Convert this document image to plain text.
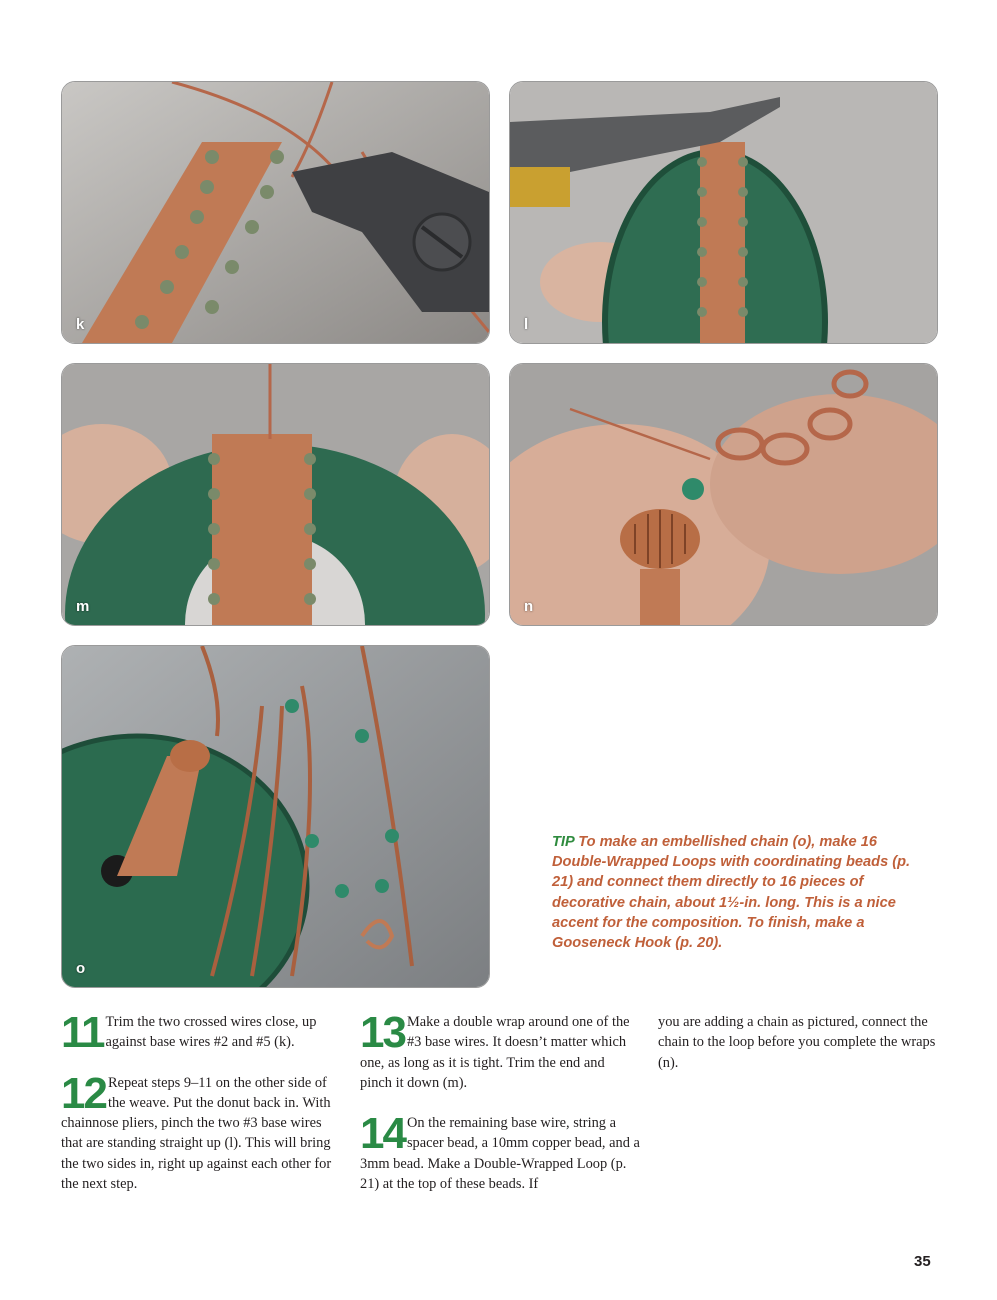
k	l
m	n
o
TIP To make an embellished chain (o), make 16 Double-Wrapped Loops with coordinating beads (p. 21) and connect them directly to 16 pieces of decorative chain, about 1½-in. long. This is a nice accent for the composition. To finish, make a Gooseneck Hook (p. 20).
11 Trim the two crossed wires close, up against base wires #2 and #5 (k).
12 Repeat steps 9–11 on the other side of the weave. Put the donut back in. With chainnose pliers, pinch the two #3 base wires that are standing straight up (l). This will bring the two sides in, right up against each other for the next step.
13 Make a double wrap around one of the #3 base wires. It doesn’t matter which one, as long as it is tight. Trim the end and pinch it down (m).
14 On the remaining base wire, string a spacer bead, a 10mm copper bead, and a 3mm bead. Make a Double-Wrapped Loop (p. 21) at the top of these beads. If
you are adding a chain as pictured, connect the chain to the loop before you complete the wraps (n).
35
